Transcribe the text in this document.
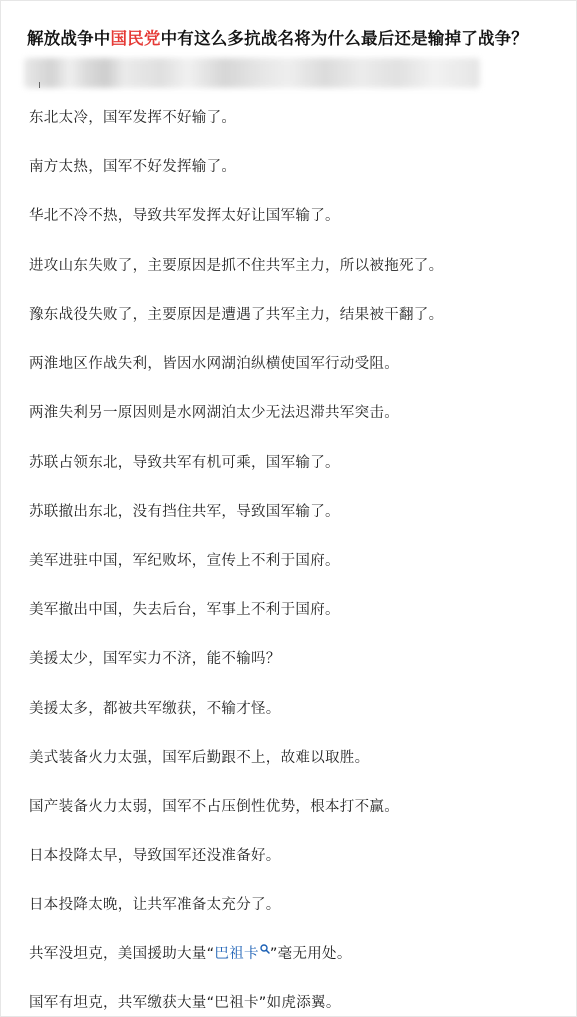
解放战争中国民党中有这么多抗战名将为什么最后还是输掉了战争？
东北太冷，国军发挥不好输了。
南方太热，国军不好发挥输了。
华北不冷不热，导致共军发挥太好让国军输了。
进攻山东失败了，主要原因是抓不住共军主力，所以被拖死了。
豫东战役失败了，主要原因是遭遇了共军主力，结果被干翻了。
两淮地区作战失利，皆因水网湖泊纵横使国军行动受阻。
两淮失利另一原因则是水网湖泊太少无法迟滞共军突击。
苏联占领东北，导致共军有机可乘，国军输了。
苏联撤出东北，没有挡住共军，导致国军输了。
美军进驻中国，军纪败坏，宣传上不利于国府。
美军撤出中国，失去后台，军事上不利于国府。
美援太少，国军实力不济，能不输吗？
美援太多，都被共军缴获，不输才怪。
美式装备火力太强，国军后勤跟不上，故难以取胜。
国产装备火力太弱，国军不占压倒性优势，根本打不赢。
日本投降太早，导致国军还没准备好。
日本投降太晚，让共军准备太充分了。
共军没坦克，美国援助大量“巴祖卡 ”毫无用处。
国军有坦克，共军缴获大量“巴祖卡”如虎添翼。
